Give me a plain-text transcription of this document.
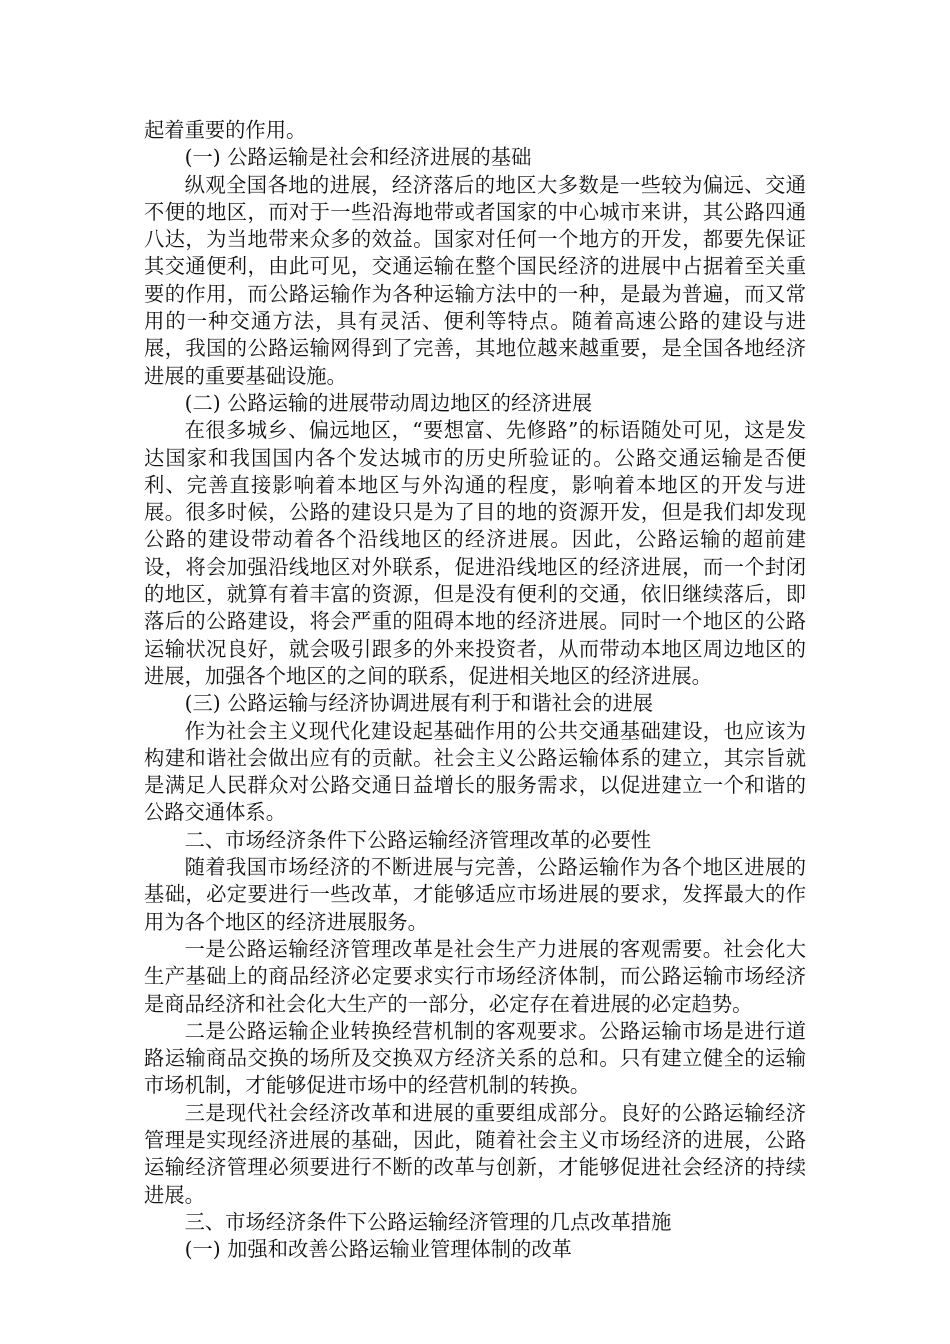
起着重要的作用。

(一) 公路运输是社会和经济进展的基础

纵观全国各地的进展，经济落后的地区大多数是一些较为偏远、交通不便的地区，而对于一些沿海地带或者国家的中心城市来讲，其公路四通八达，为当地带来众多的效益。国家对任何一个地方的开发，都要先保证其交通便利，由此可见，交通运输在整个国民经济的进展中占据着至关重要的作用，而公路运输作为各种运输方法中的一种，是最为普遍，而又常用的一种交通方法，具有灵活、便利等特点。随着高速公路的建设与进展，我国的公路运输网得到了完善，其地位越来越重要，是全国各地经济进展的重要基础设施。

(二) 公路运输的进展带动周边地区的经济进展

在很多城乡、偏远地区，“要想富、先修路”的标语随处可见，这是发达国家和我国国内各个发达城市的历史所验证的。公路交通运输是否便利、完善直接影响着本地区与外沟通的程度，影响着本地区的开发与进展。很多时候，公路的建设只是为了目的地的资源开发，但是我们却发现公路的建设带动着各个沿线地区的经济进展。因此，公路运输的超前建设，将会加强沿线地区对外联系，促进沿线地区的经济进展，而一个封闭的地区，就算有着丰富的资源，但是没有便利的交通，依旧继续落后，即落后的公路建设，将会严重的阻碍本地的经济进展。同时一个地区的公路运输状况良好，就会吸引跟多的外来投资者，从而带动本地区周边地区的进展，加强各个地区的之间的联系，促进相关地区的经济进展。

(三) 公路运输与经济协调进展有利于和谐社会的进展

作为社会主义现代化建设起基础作用的公共交通基础建设，也应该为构建和谐社会做出应有的贡献。社会主义公路运输体系的建立，其宗旨就是满足人民群众对公路交通日益增长的服务需求，以促进建立一个和谐的公路交通体系。

二、市场经济条件下公路运输经济管理改革的必要性

随着我国市场经济的不断进展与完善，公路运输作为各个地区进展的基础，必定要进行一些改革，才能够适应市场进展的要求，发挥最大的作用为各个地区的经济进展服务。

一是公路运输经济管理改革是社会生产力进展的客观需要。社会化大生产基础上的商品经济必定要求实行市场经济体制，而公路运输市场经济是商品经济和社会化大生产的一部分，必定存在着进展的必定趋势。

二是公路运输企业转换经营机制的客观要求。公路运输市场是进行道路运输商品交换的场所及交换双方经济关系的总和。只有建立健全的运输市场机制，才能够促进市场中的经营机制的转换。

三是现代社会经济改革和进展的重要组成部分。良好的公路运输经济管理是实现经济进展的基础，因此，随着社会主义市场经济的进展，公路运输经济管理必须要进行不断的改革与创新，才能够促进社会经济的持续进展。

三、市场经济条件下公路运输经济管理的几点改革措施

(一) 加强和改善公路运输业管理体制的改革
